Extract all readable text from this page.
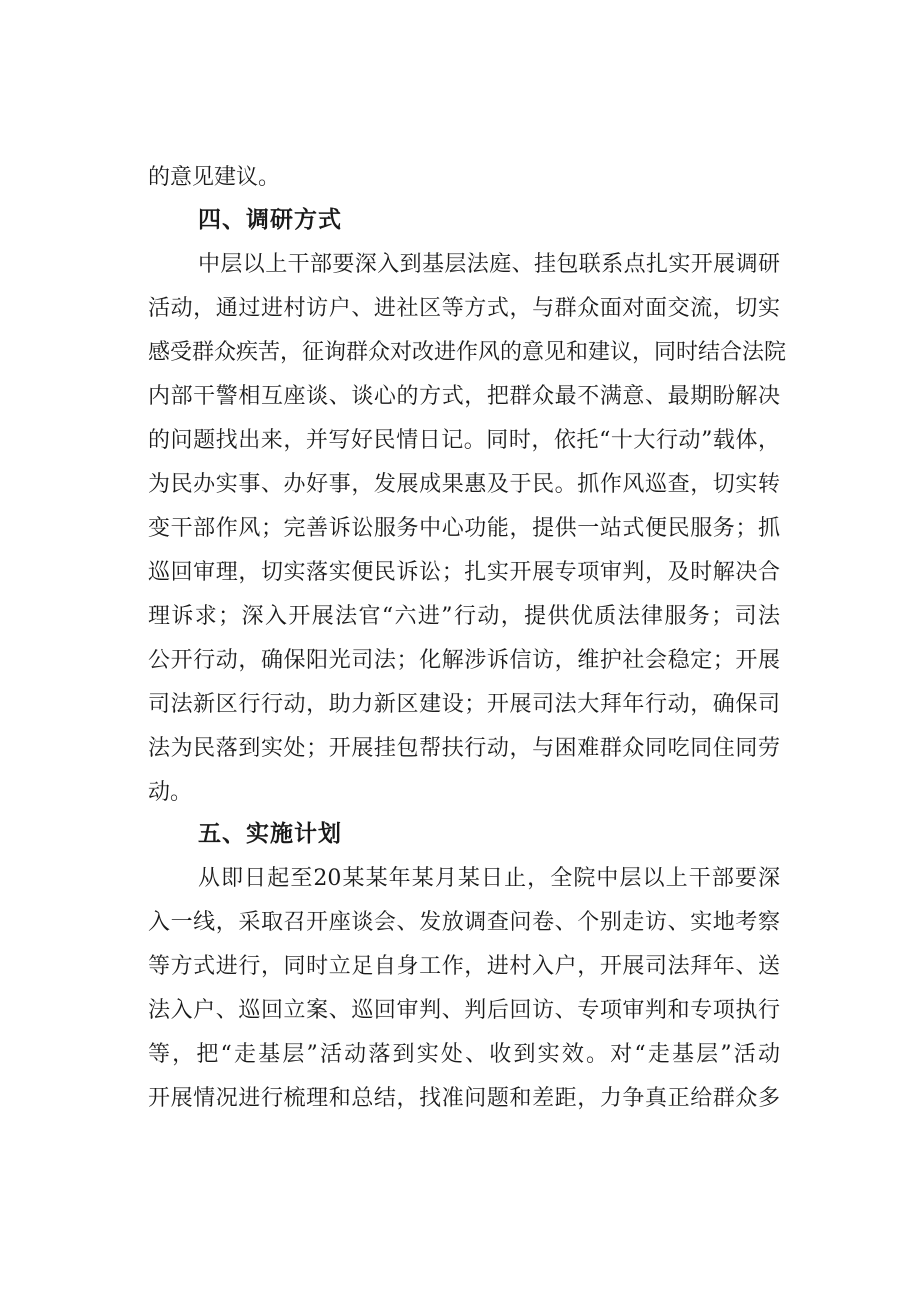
的意见建议。
四、调研方式
中层以上干部要深入到基层法庭、挂包联系点扎实开展调研
活动，通过进村访户、进社区等方式，与群众面对面交流，切实
感受群众疾苦，征询群众对改进作风的意见和建议，同时结合法院
内部干警相互座谈、谈心的方式，把群众最不满意、最期盼解决
的问题找出来，并写好民情日记。同时，依托“十大行动”载体，
为民办实事、办好事，发展成果惠及于民。抓作风巡查，切实转
变干部作风；完善诉讼服务中心功能，提供一站式便民服务；抓
巡回审理，切实落实便民诉讼；扎实开展专项审判，及时解决合
理诉求；深入开展法官“六进”行动，提供优质法律服务；司法
公开行动，确保阳光司法；化解涉诉信访，维护社会稳定；开展
司法新区行行动，助力新区建设；开展司法大拜年行动，确保司
法为民落到实处；开展挂包帮扶行动，与困难群众同吃同住同劳
动。
五、实施计划
从即日起至20某某年某月某日止，全院中层以上干部要深
入一线，采取召开座谈会、发放调查问卷、个别走访、实地考察
等方式进行，同时立足自身工作，进村入户，开展司法拜年、送
法入户、巡回立案、巡回审判、判后回访、专项审判和专项执行
等，把“走基层”活动落到实处、收到实效。对“走基层”活动
开展情况进行梳理和总结，找准问题和差距，力争真正给群众多
